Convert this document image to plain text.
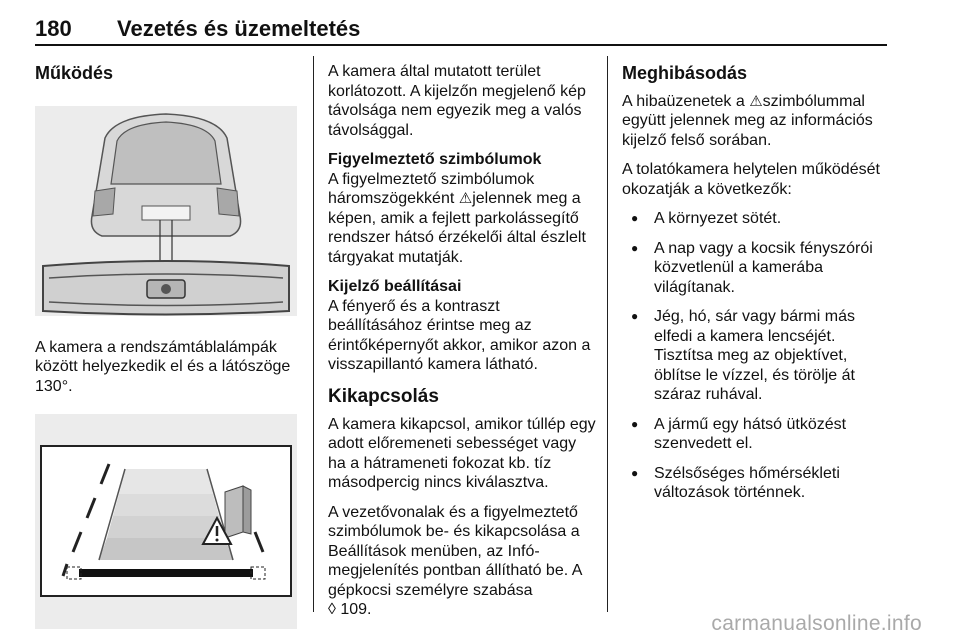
180 Vezetés és üzemeltetés
Működés

A kamera a rendszámtáblalámpák között helyezkedik el és a látószöge 130°.

A kamera által mutatott terület korlátozott. A kijelzőn megjelenő kép távolsága nem egyezik meg a valós távolsággal.

Figyelmeztető szimbólumok

A figyelmeztető szimbólumok háromszögekként ⚠jelennek meg a képen, amik a fejlett parkolássegítő rendszer hátsó érzékelői által észlelt tárgyakat mutatják.

Kijelző beállításai

A fényerő és a kontraszt beállításához érintse meg az érintőképernyőt akkor, amikor azon a visszapillantó kamera látható.

Kikapcsolás

A kamera kikapcsol, amikor túllép egy adott előremeneti sebességet vagy ha a hátrameneti fokozat kb. tíz másodpercig nincs kiválasztva.

A vezetővonalak és a figyelmeztető szimbólumok be- és kikapcsolása a Beállítások menüben, az Infó-megjelenítés pontban állítható be. A gépkocsi személyre szabása
◊ 109.

Meghibásodás

A hibaüzenetek a ⚠szimbólummal együtt jelennek meg az információs kijelző felső sorában.

A tolatókamera helytelen működését okozatják a következők:

● A környezet sötét.
● A nap vagy a kocsik fényszórói közvetlenül a kamerába világítanak.
● Jég, hó, sár vagy bármi más elfedi a kamera lencséjét. Tisztítsa meg az objektívet, öblítse le vízzel, és törölje át száraz ruhával.
● A jármű egy hátsó ütközést szenvedett el.
● Szélsőséges hőmérsékleti változások történnek.
carmanualsonline.info
